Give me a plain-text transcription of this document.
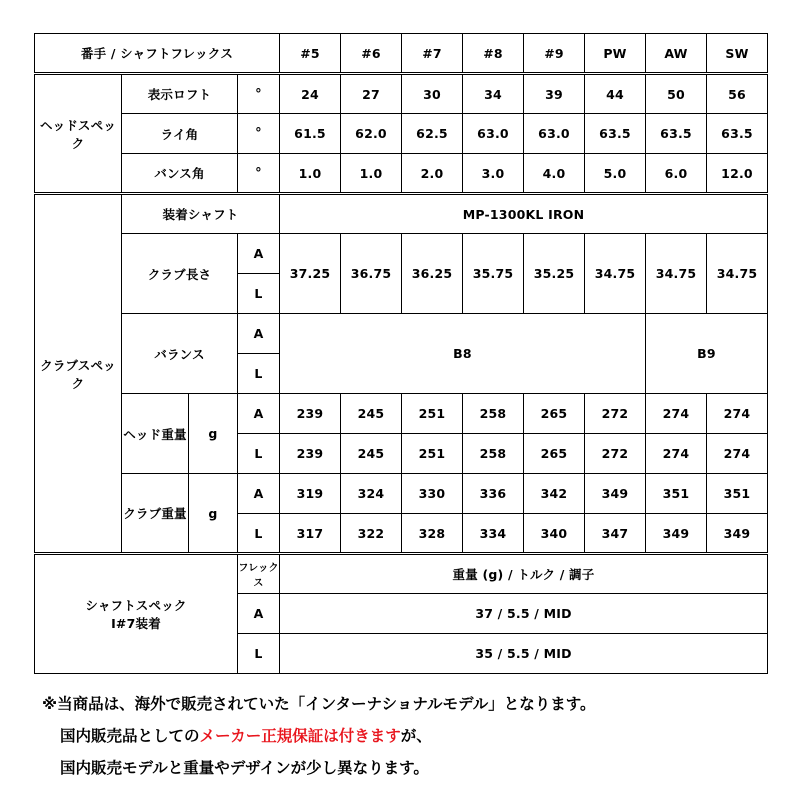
番手 / シャフトフレックス				#5	#6	#7	#8	#9	PW	AW	SW
ヘッドスペック	表示ロフト		°	24	27	30	34	39	44	50	56
	ライ角		°	61.5	62.0	62.5	63.0	63.0	63.5	63.5	63.5
	バンス角		°	1.0	1.0	2.0	3.0	4.0	5.0	6.0	12.0
クラブスペック	装着シャフト			MP-1300KL IRON							
	クラブ長さ		A	37.25	36.75	36.25	35.75	35.25	34.75	34.75	34.75
			L								
	バランス		A	B8						B9	
			L								
	ヘッド重量	g	A	239	245	251	258	265	272	274	274
			L	239	245	251	258	265	272	274	274
	クラブ重量	g	A	319	324	330	336	342	349	351	351
			L	317	322	328	334	340	347	349	349

シャフトスペック
I#7装着			フレックス	重量 (g) / トルク / 調子							
			A	37 / 5.5 / MID							
			L	35 / 5.5 / MID							

※当商品は、海外で販売されていた「インターナショナルモデル」となります。

国内販売品としてのメーカー正規保証は付きますが、

国内販売モデルと重量やデザインが少し異なります。
